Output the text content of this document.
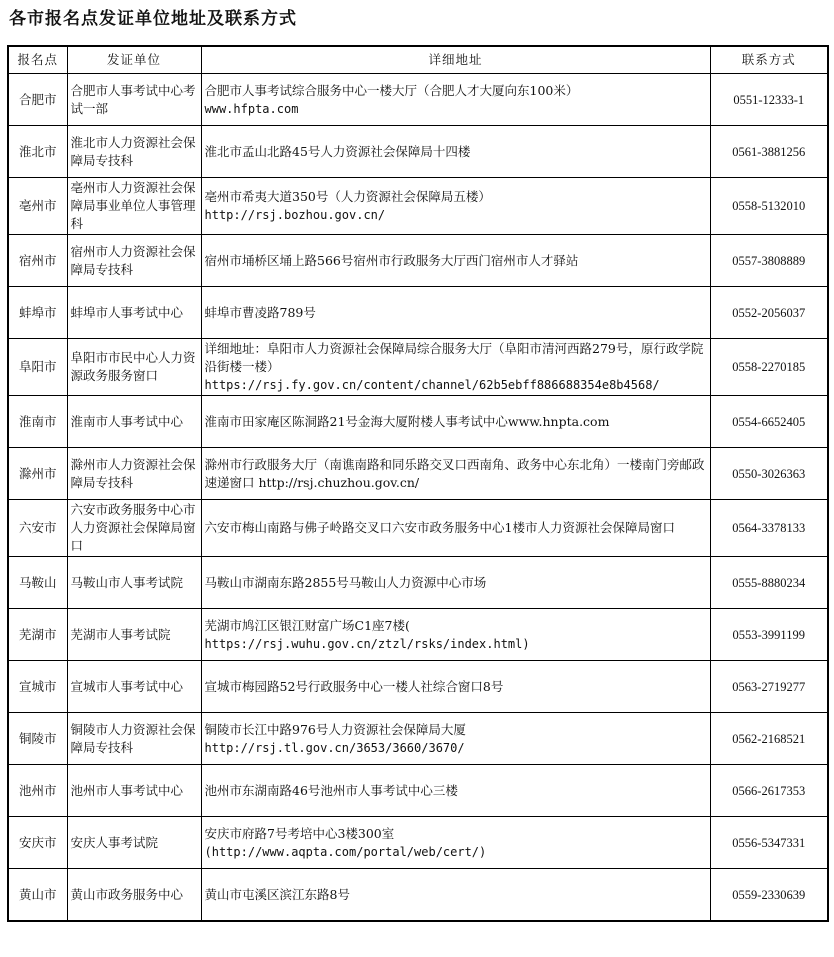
各市报名点发证单位地址及联系方式
报名点	发证单位	详细地址	联系方式
合肥市	合肥市人事考试中心考试一部	合肥市人事考试综合服务中心一楼大厅（合肥人才大厦向东100米）
www.hfpta.com	0551-12333-1
淮北市	淮北市人力资源社会保障局专技科	淮北市孟山北路45号人力资源社会保障局十四楼	0561-3881256
亳州市	亳州市人力资源社会保障局事业单位人事管理科	亳州市希夷大道350号（人力资源社会保障局五楼）
http://rsj.bozhou.gov.cn/	0558-5132010
宿州市	宿州市人力资源社会保障局专技科	宿州市埇桥区埇上路566号宿州市行政服务大厅西门宿州市人才驿站	0557-3808889
蚌埠市	蚌埠市人事考试中心	蚌埠市曹凌路789号	0552-2056037
阜阳市	阜阳市市民中心人力资源政务服务窗口	详细地址：阜阳市人力资源社会保障局综合服务大厅（阜阳市清河西路279号，原行政学院沿街楼一楼）
https://rsj.fy.gov.cn/content/channel/62b5ebff886688354e8b4568/	0558-2270185
淮南市	淮南市人事考试中心	淮南市田家庵区陈洞路21号金海大厦附楼人事考试中心www.hnpta.com	0554-6652405
滁州市	滁州市人力资源社会保障局专技科	滁州市行政服务大厅（南谯南路和同乐路交叉口西南角、政务中心东北角）一楼南门旁邮政速递窗口 http://rsj.chuzhou.gov.cn/	0550-3026363
六安市	六安市政务服务中心市人力资源社会保障局窗口	六安市梅山南路与佛子岭路交叉口六安市政务服务中心1楼市人力资源社会保障局窗口	0564-3378133
马鞍山	马鞍山市人事考试院	马鞍山市湖南东路2855号马鞍山人力资源中心市场	0555-8880234
芜湖市	芜湖市人事考试院	芜湖市鸠江区银江财富广场C1座7楼(
https://rsj.wuhu.gov.cn/ztzl/rsks/index.html)	0553-3991199
宣城市	宣城市人事考试中心	宣城市梅园路52号行政服务中心一楼人社综合窗口8号	0563-2719277
铜陵市	铜陵市人力资源社会保障局专技科	铜陵市长江中路976号人力资源社会保障局大厦
http://rsj.tl.gov.cn/3653/3660/3670/	0562-2168521
池州市	池州市人事考试中心	池州市东湖南路46号池州市人事考试中心三楼	0566-2617353
安庆市	安庆人事考试院	安庆市府路7号考培中心3楼300室
(http://www.aqpta.com/portal/web/cert/)	0556-5347331
黄山市	黄山市政务服务中心	黄山市屯溪区滨江东路8号	0559-2330639
